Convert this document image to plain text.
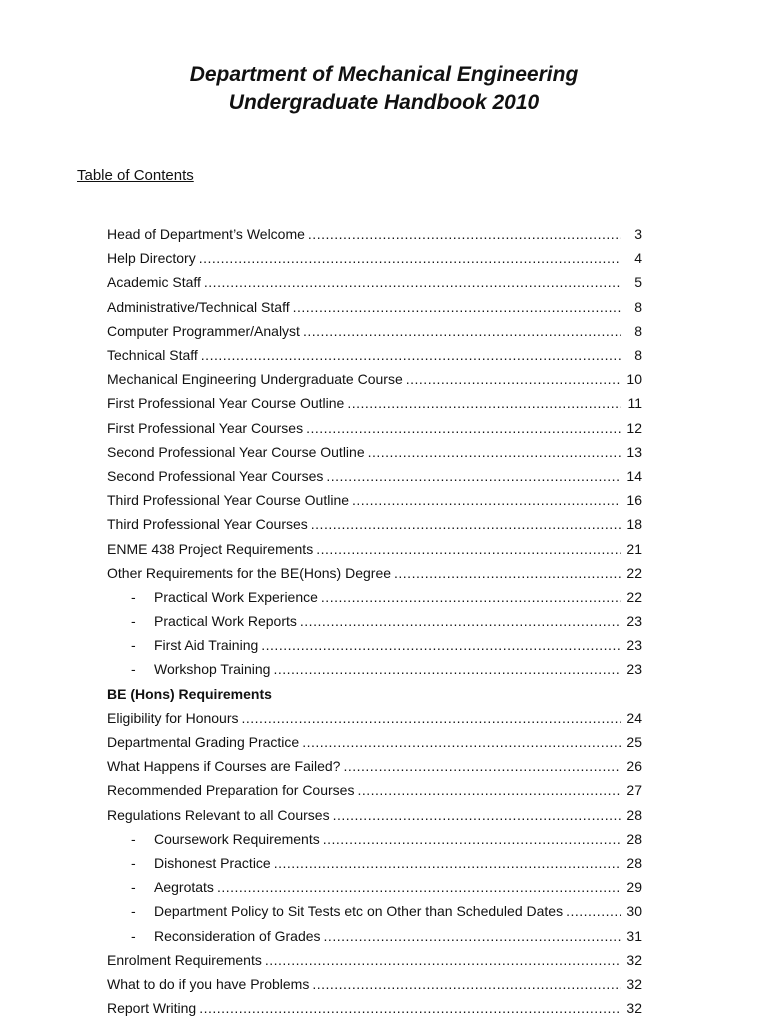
Department of Mechanical Engineering
Undergraduate Handbook 2010

Table of Contents

Head of Department’s Welcome .....	3
Help Directory .....	4
Academic Staff .....	5
Administrative/Technical Staff .....	8
Computer Programmer/Analyst .....	8
Technical Staff .....	8
Mechanical Engineering Undergraduate Course .....	10
First Professional Year Course Outline .....	11
First Professional Year Courses .....	12
Second Professional Year Course Outline .....	13
Second Professional Year Courses .....	14
Third Professional Year Course Outline .....	16
Third Professional Year Courses .....	18
ENME 438 Project Requirements .....	21
Other Requirements for the BE(Hons) Degree .....	22
-	Practical Work Experience .....	22
-	Practical Work Reports .....	23
-	First Aid Training .....	23
-	Workshop Training .....	23
BE (Hons) Requirements
Eligibility for Honours .....	24
Departmental Grading Practice .....	25
What Happens if Courses are Failed? .....	26
Recommended Preparation for Courses .....	27
Regulations Relevant to all Courses .....	28
-	Coursework Requirements .....	28
-	Dishonest Practice .....	28
-	Aegrotats .....	29
-	Department Policy to Sit Tests etc on Other than Scheduled Dates .....	30
-	Reconsideration of Grades .....	31
Enrolment Requirements .....	32
What to do if you have Problems .....	32
Report Writing .....	32
